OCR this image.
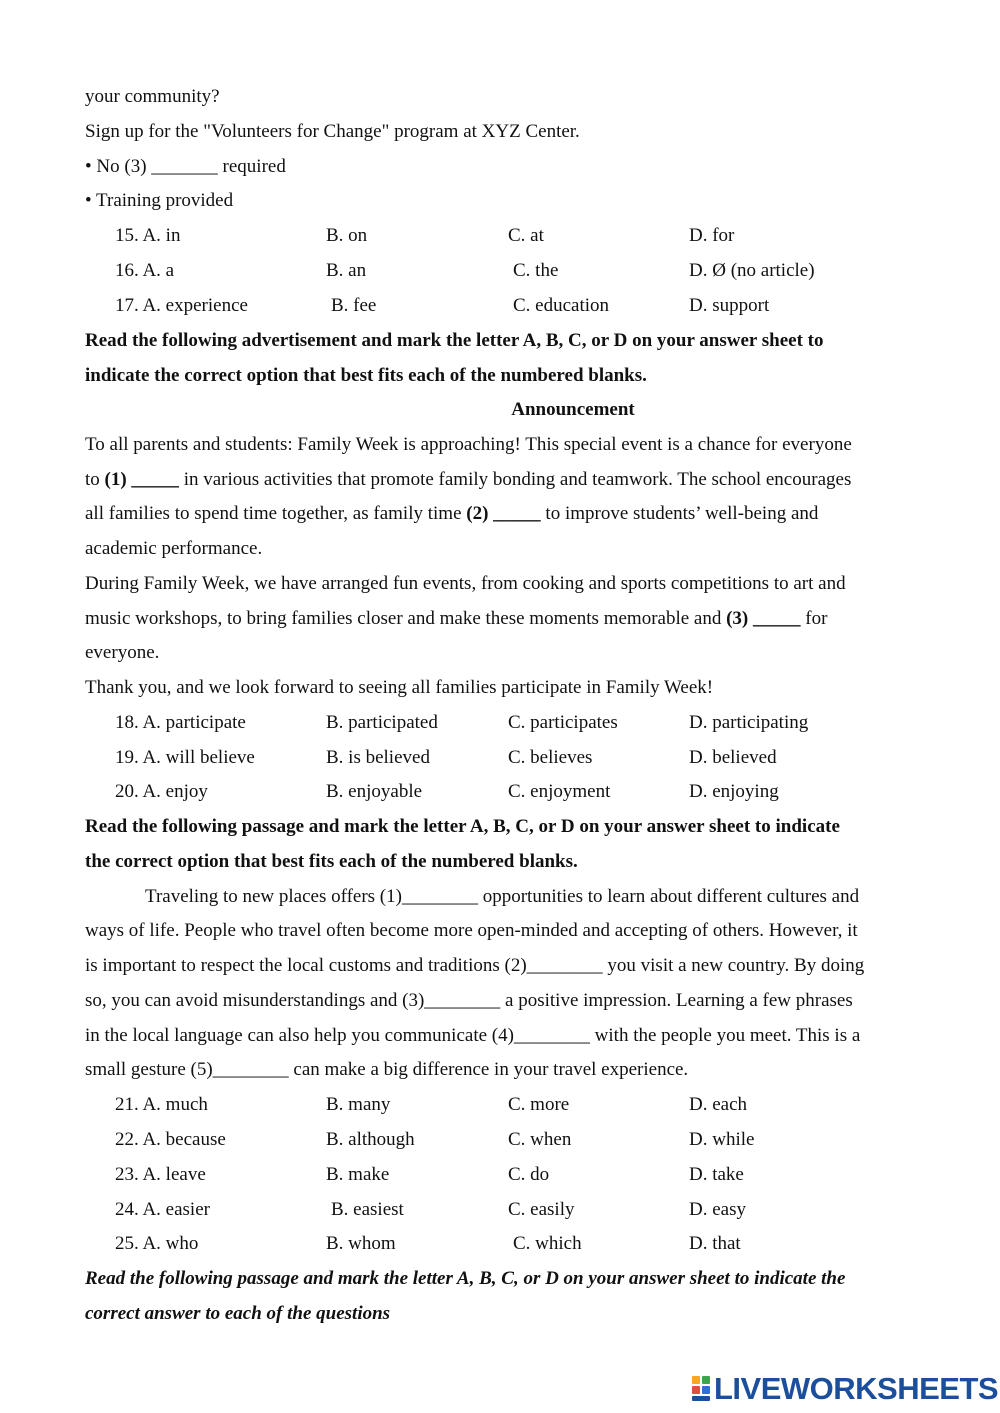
your community?
Sign up for the "Volunteers for Change" program at XYZ Center.
• No (3) _______ required
• Training provided
15. A. in	B. on	C. at	D. for
16. A. a	B. an	C. the	D. Ø (no article)
17. A. experience	B. fee	C. education	D. support
Read the following advertisement and mark the letter A, B, C, or D on your answer sheet to
indicate the correct option that best fits each of the numbered blanks.
Announcement
To all parents and students: Family Week is approaching! This special event is a chance for everyone
to (1) _____ in various activities that promote family bonding and teamwork. The school encourages
all families to spend time together, as family time (2) _____ to improve students’ well-being and
academic performance.
During Family Week, we have arranged fun events, from cooking and sports competitions to art and
music workshops, to bring families closer and make these moments memorable and (3) _____ for
everyone.
Thank you, and we look forward to seeing all families participate in Family Week!
18. A. participate	B. participated	C. participates	D. participating
19. A. will believe	B. is believed	C. believes	D. believed
20. A. enjoy	B. enjoyable	C. enjoyment	D. enjoying
Read the following passage and mark the letter A, B, C, or D on your answer sheet to indicate
the correct option that best fits each of the numbered blanks.
Traveling to new places offers (1)________ opportunities to learn about different cultures and
ways of life. People who travel often become more open-minded and accepting of others. However, it
is important to respect the local customs and traditions (2)________ you visit a new country. By doing
so, you can avoid misunderstandings and (3)________ a positive impression. Learning a few phrases
in the local language can also help you communicate (4)________ with the people you meet. This is a
small gesture (5)________ can make a big difference in your travel experience.
21. A. much	B. many	C. more	D. each
22. A. because	B. although	C. when	D. while
23. A. leave	B. make	C. do	D. take
24. A. easier	B. easiest	C. easily	D. easy
25. A. who	B. whom	C. which	D. that
Read the following passage and mark the letter A, B, C, or D on your answer sheet to indicate the
correct answer to each of the questions
LIVEWORKSHEETS
